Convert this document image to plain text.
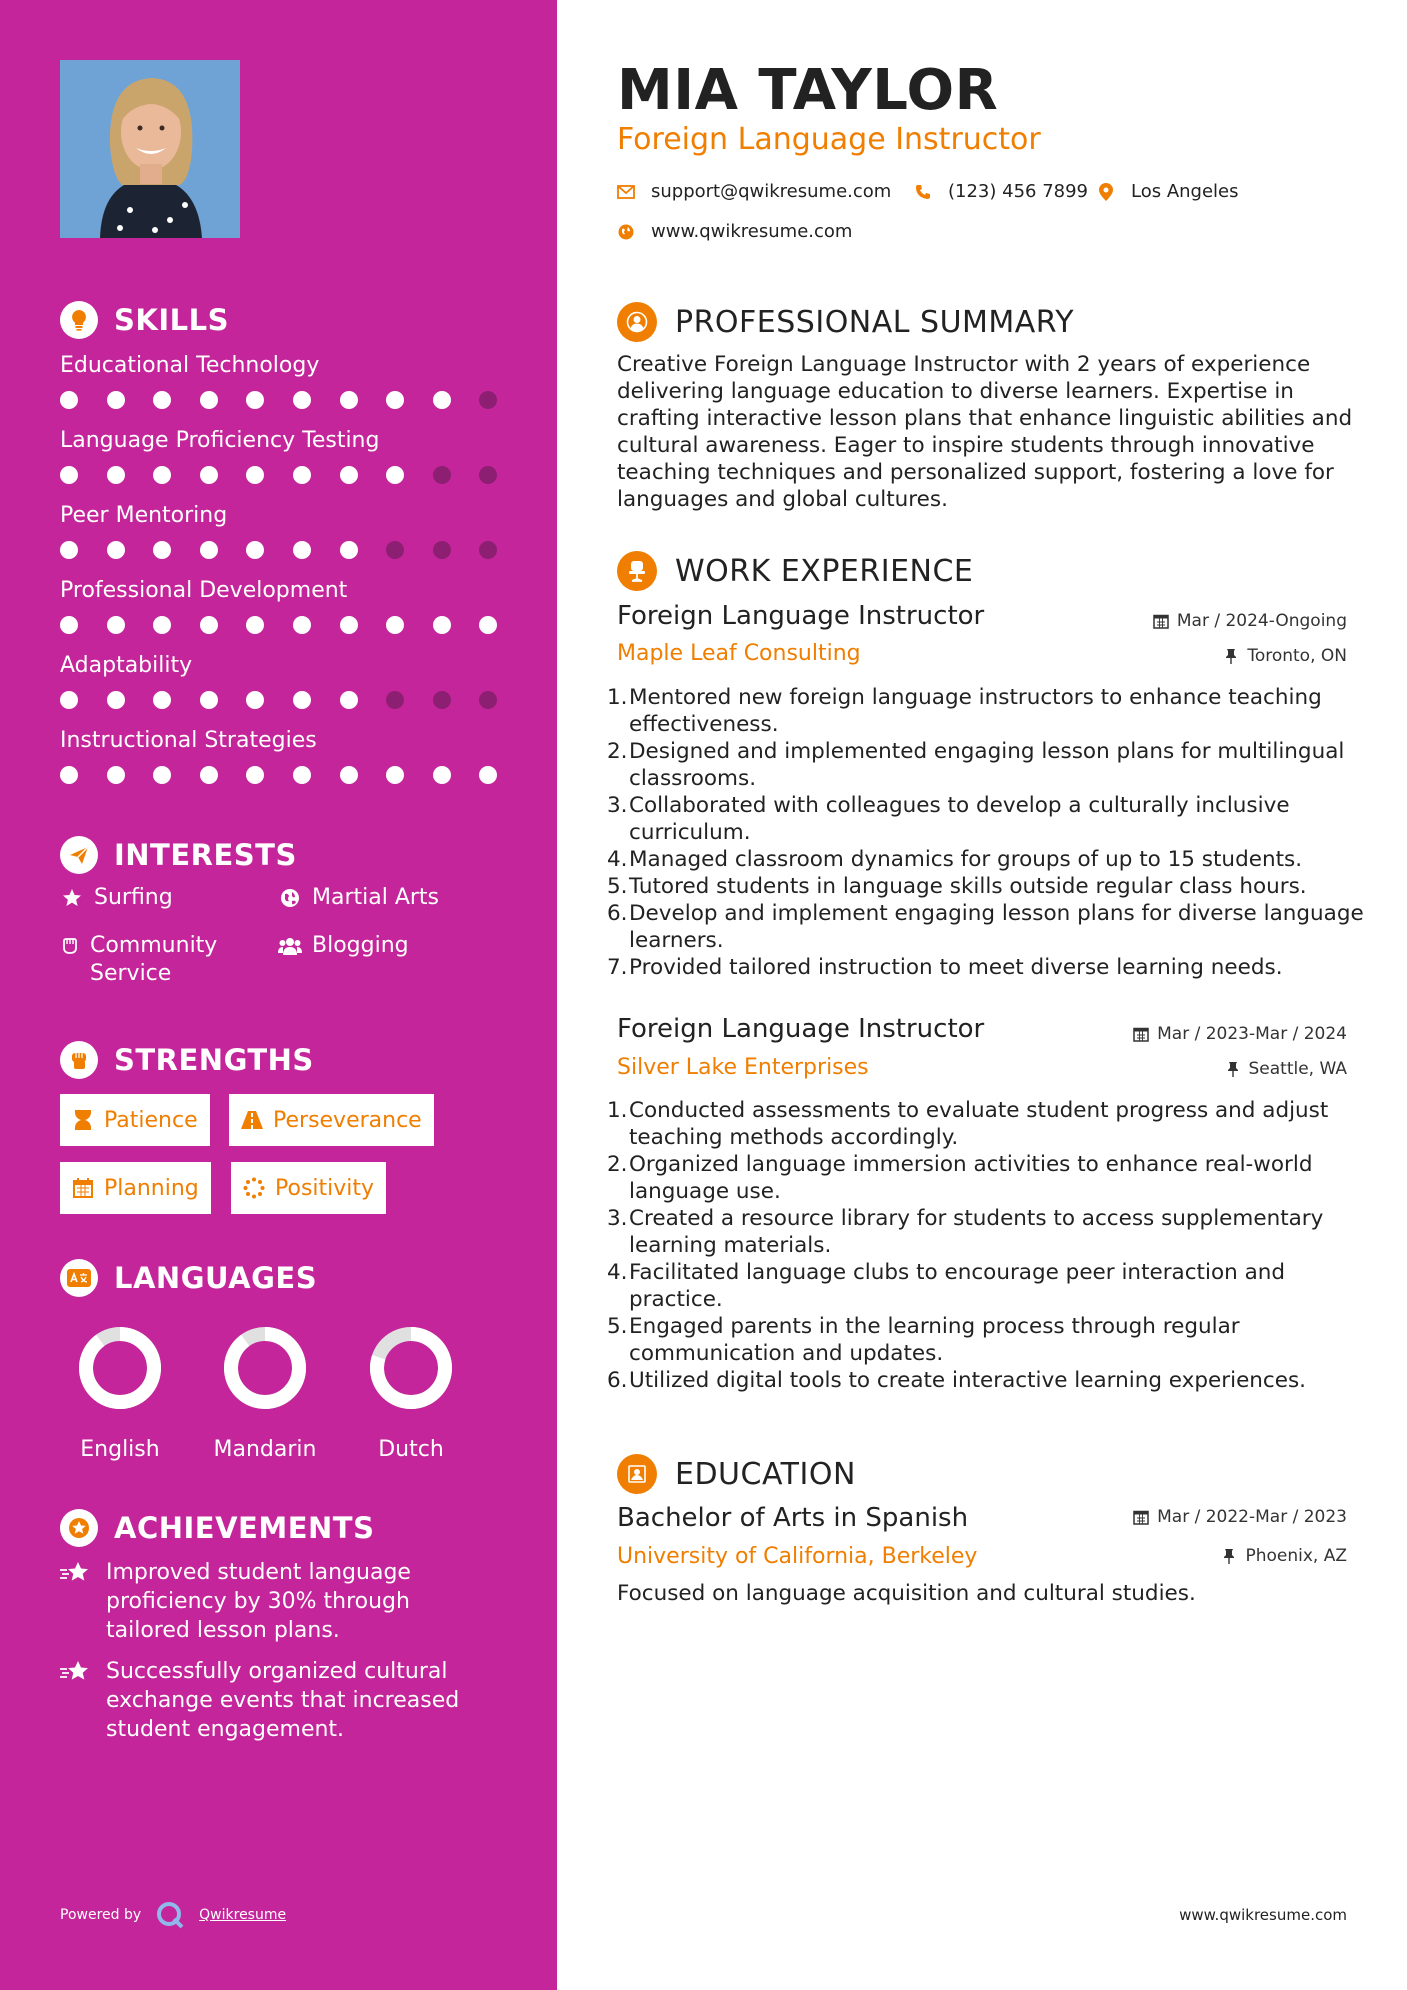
SKILLS
INTERESTS
Surfing	Martial Arts
Community Service
Blogging
STRENGTHS
Patience	Perseverance
Planning	Positivity
LANGUAGES
ACHIEVEMENTS
Improved student language proficiency by 30% through tailored lesson plans.
Successfully organized cultural exchange events that increased student engagement.
Powered by	Qwikresume
Educational Technology
Language Proficiency Testing
Peer Mentoring
Professional Development
Adaptability
Instructional Strategies
English	Mandarin	Dutch
MIA TAYLOR
Foreign Language Instructor
support@qwikresume.com	(123) 456 7899 Los Angeles
www.qwikresume.com
PROFESSIONAL SUMMARY
Creative Foreign Language Instructor with 2 years of experience delivering language education to diverse learners. Expertise in crafting interactive lesson plans that enhance linguistic abilities and cultural awareness. Eager to inspire students through innovative teaching techniques and personalized support, fostering a love for languages and global cultures.
WORK EXPERIENCE
Foreign Language Instructor	Mar / 2024-Ongoing
Maple Leaf Consulting	Toronto, ON
1. Mentored new foreign language instructors to enhance teaching effectiveness.
2. Designed and implemented engaging lesson plans for multilingual classrooms.
3. Collaborated with colleagues to develop a culturally inclusive curriculum.
4. Managed classroom dynamics for groups of up to 15 students.
5. Tutored students in language skills outside regular class hours.
6. Develop and implement engaging lesson plans for diverse language learners.
7. Provided tailored instruction to meet diverse learning needs.
Foreign Language Instructor	Mar / 2023-Mar / 2024
Silver Lake Enterprises	Seattle, WA
1. Conducted assessments to evaluate student progress and adjust teaching methods accordingly.
2. Organized language immersion activities to enhance real-world language use.
3. Created a resource library for students to access supplementary learning materials.
4. Facilitated language clubs to encourage peer interaction and practice.
5. Engaged parents in the learning process through regular communication and updates.
6. Utilized digital tools to create interactive learning experiences.
EDUCATION
Bachelor of Arts in Spanish	Mar / 2022-Mar / 2023
University of California, Berkeley	Phoenix, AZ
Focused on language acquisition and cultural studies.
www.qwikresume.com
